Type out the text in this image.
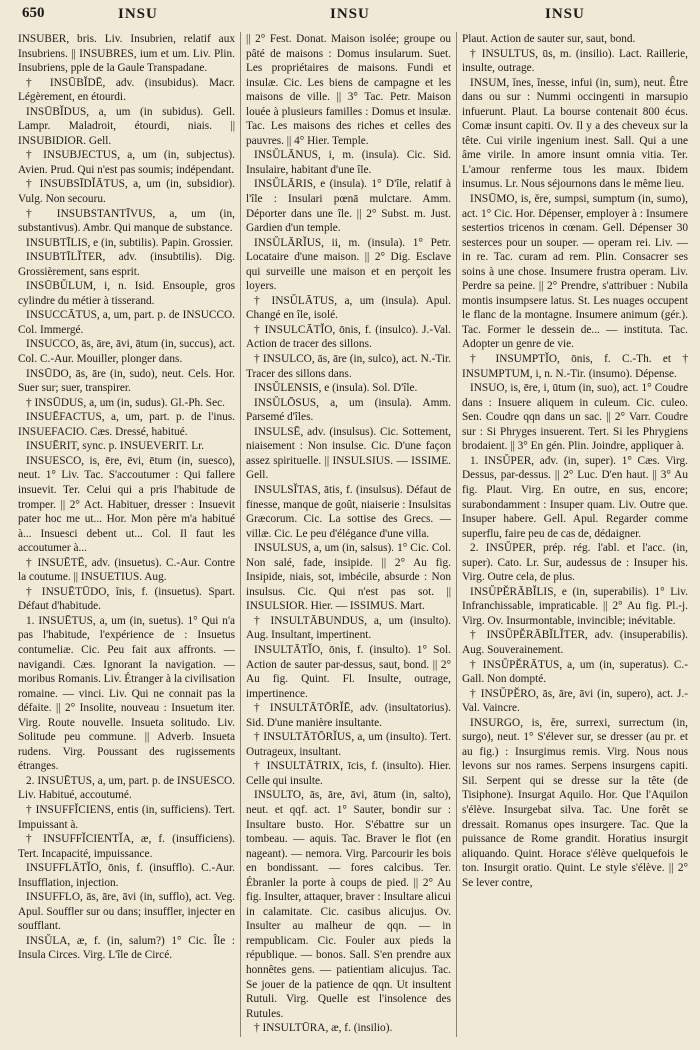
650	INSU	INSU	INSU

INSUBER, bris. Liv. Insubrien, relatif aux Insubriens. || INSUBRES, ium et um. Liv. Plin. Insubriens, pple de la Gaule Transpadane.

† INSŪBĬDĒ, adv. (insubidus). Macr. Légèrement, en étourdi.

INSŪBĬDUS, a, um (in subidus). Gell. Lampr. Maladroit, étourdi, niais. || INSUBIDIOR. Gell.

† INSUBJECTUS, a, um (in, subjectus). Avien. Prud. Qui n'est pas soumis; indépendant.

† INSUBSĪDĬĀTUS, a, um (in, subsidior). Vulg. Non secouru.

† INSUBSTANTĪVUS, a, um (in, substantivus). Ambr. Qui manque de substance.

INSUBTĪLIS, e (in, subtilis). Papin. Grossier.

INSUBTĪLĬTER, adv. (insubtilis). Dig. Grossièrement, sans esprit.

INSŪBŬLUM, i, n. Isid. Ensouple, gros cylindre du métier à tisserand.

INSUCCĀTUS, a, um, part. p. de INSUCCO. Col. Immergé.

INSUCCO, ās, āre, āvi, ātum (in, succus), act. Col. C.-Aur. Mouiller, plonger dans.

INSŪDO, ās, āre (in, sudo), neut. Cels. Hor. Suer sur; suer, transpirer.

† INSŪDUS, a, um (in, sudus). Gl.-Ph. Sec.

INSUĒFACTUS, a, um, part. p. de l'inus. INSUEFACIO. Cæs. Dressé, habitué.

INSUĒRIT, sync. p. INSUEVERIT. Lr.

INSUESCO, is, ēre, ēvi, ētum (in, suesco), neut. 1° Liv. Tac. S'accoutumer : Qui fallere insuevit. Ter. Celui qui a pris l'habitude de tromper. || 2° Act. Habituer, dresser : Insuevit pater hoc me ut... Hor. Mon père m'a habitué à... Insuesci debent ut... Col. Il faut les accoutumer à...

† INSUĒTĒ, adv. (insuetus). C.-Aur. Contre la coutume. || INSUETIUS. Aug.

† INSUĒTŪDO, ĭnis, f. (insuetus). Spart. Défaut d'habitude.

1. INSUĒTUS, a, um (in, suetus). 1° Qui n'a pas l'habitude, l'expérience de : Insuetus contumeliæ. Cic. Peu fait aux affronts. — navigandi. Cæs. Ignorant la navigation. — moribus Romanis. Liv. Étranger à la civilisation romaine. — vinci. Liv. Qui ne connait pas la défaite. || 2° Insolite, nouveau : Insuetum iter. Virg. Route nouvelle. Insueta solitudo. Liv. Solitude peu commune. || Adverb. Insueta rudens. Virg. Poussant des rugissements étranges.

2. INSUĒTUS, a, um, part. p. de INSUESCO. Liv. Habitué, accoutumé.

† INSUFFĬCIENS, entis (in, sufficiens). Tert. Impuissant à.

† INSUFFĬCIENTĬA, æ, f. (insufficiens). Tert. Incapacité, impuissance.

INSUFFLĀTĬO, ōnis, f. (insufflo). C.-Aur. Insufflation, injection.

INSUFFLO, ās, āre, āvi (in, sufflo), act. Veg. Apul. Souffler sur ou dans; insuffler, injecter en soufflant.

INSŬLA, æ, f. (in, salum?) 1° Cic. Île : Insula Circes. Virg. L'île de Circé.

|| 2° Fest. Donat. Maison isolée; groupe ou pâté de maisons : Domus insularum. Suet. Les propriétaires de maisons. Fundi et insulæ. Cic. Les biens de campagne et les maisons de ville. || 3° Tac. Petr. Maison louée à plusieurs familles : Domus et insulæ. Tac. Les maisons des riches et celles des pauvres. || 4° Hier. Temple.

INSŬLĀNUS, i, m. (insula). Cic. Sid. Insulaire, habitant d'une île.

INSŬLĀRIS, e (insula). 1° D'île, relatif à l'île : Insulari pœnā mulctare. Amm. Déporter dans une île. || 2° Subst. m. Just. Gardien d'un temple.

INSŬLĀRĬUS, ii, m. (insula). 1° Petr. Locataire d'une maison. || 2° Dig. Esclave qui surveille une maison et en perçoit les loyers.

† INSŬLĀTUS, a, um (insula). Apul. Changé en île, isolé.

† INSULCĀTĬO, ōnis, f. (insulco). J.-Val. Action de tracer des sillons.

† INSULCO, ās, āre (in, sulco), act. N.-Tir. Tracer des sillons dans.

INSŬLENSIS, e (insula). Sol. D'île.

INSŬLŌSUS, a, um (insula). Amm. Parsemé d'îles.

INSULSĒ, adv. (insulsus). Cic. Sottement, niaisement : Non insulse. Cic. D'une façon assez spirituelle. || INSULSIUS. — ISSIME. Gell.

INSULSĬTAS, ātis, f. (insulsus). Défaut de finesse, manque de goût, niaiserie : Insulsitas Græcorum. Cic. La sottise des Grecs. — villæ. Cic. Le peu d'élégance d'une villa.

INSULSUS, a, um (in, salsus). 1° Cic. Col. Non salé, fade, insipide. || 2° Au fig. Insipide, niais, sot, imbécile, absurde : Non insulsus. Cic. Qui n'est pas sot. || INSULSIOR. Hier. — ISSIMUS. Mart.

† INSULTĀBUNDUS, a, um (insulto). Aug. Insultant, impertinent.

INSULTĀTĬO, ōnis, f. (insulto). 1° Sol. Action de sauter par-dessus, saut, bond. || 2° Au fig. Quint. Fl. Insulte, outrage, impertinence.

† INSULTĀTŌRĬĒ, adv. (insultatorius). Sid. D'une manière insultante.

† INSULTĀTŌRĬUS, a, um (insulto). Tert. Outrageux, insultant.

† INSULTĀTRIX, īcis, f. (insulto). Hier. Celle qui insulte.

INSULTO, ās, āre, āvi, ātum (in, salto), neut. et qqf. act. 1° Sauter, bondir sur : Insultare busto. Hor. S'ébattre sur un tombeau. — aquis. Tac. Braver le flot (en nageant). — nemora. Virg. Parcourir les bois en bondissant. — fores calcibus. Ter. Ébranler la porte à coups de pied. || 2° Au fig. Insulter, attaquer, braver : Insultare alicui in calamitate. Cic. casibus alicujus. Ov. Insulter au malheur de qqn. — in rempublicam. Cic. Fouler aux pieds la république. — bonos. Sall. S'en prendre aux honnêtes gens. — patientiam alicujus. Tac. Se jouer de la patience de qqn. Ut insultent Rutuli. Virg. Quelle est l'insolence des Rutules.

† INSULTŪRA, æ, f. (insilio).

Plaut. Action de sauter sur, saut, bond.

† INSULTUS, ūs, m. (insilio). Lact. Raillerie, insulte, outrage.

INSUM, ĭnes, ĭnesse, infui (in, sum), neut. Être dans ou sur : Nummi occingenti in marsupio infuerunt. Plaut. La bourse contenait 800 écus. Comæ insunt capiti. Ov. Il y a des cheveux sur la tête. Cui virile ingenium inest. Sall. Qui a une âme virile. In amore insunt omnia vitia. Ter. L'amour renferme tous les maux. Ibidem insumus. Lr. Nous séjournons dans le même lieu.

INSŪMO, is, ĕre, sumpsi, sumptum (in, sumo), act. 1° Cic. Hor. Dépenser, employer à : Insumere sestertios tricenos in cœnam. Gell. Dépenser 30 sesterces pour un souper. — operam rei. Liv. — in re. Tac. curam ad rem. Plin. Consacrer ses soins à une chose. Insumere frustra operam. Liv. Perdre sa peine. || 2° Prendre, s'attribuer : Nubila montis insumpsere latus. St. Les nuages occupent le flanc de la montagne. Insumere animum (gér.). Tac. Former le dessein de... — instituta. Tac. Adopter un genre de vie.

† INSUMPTĬO, ōnis, f. C.-Th. et † INSUMPTUM, i, n. N.-Tir. (insumo). Dépense.

INSUO, is, ēre, i, ūtum (in, suo), act. 1° Coudre dans : Insuere aliquem in culeum. Cic. culeo. Sen. Coudre qqn dans un sac. || 2° Varr. Coudre sur : Si Phryges insuerent. Tert. Si les Phrygiens brodaient. || 3° En gén. Plin. Joindre, appliquer à.

1. INSŬPER, adv. (in, super). 1° Cæs. Virg. Dessus, par-dessus. || 2° Luc. D'en haut. || 3° Au fig. Plaut. Virg. En outre, en sus, encore; surabondamment : Insuper quam. Liv. Outre que. Insuper habere. Gell. Apul. Regarder comme superflu, faire peu de cas de, dédaigner.

2. INSŬPER, prép. rég. l'abl. et l'acc. (in, super). Cato. Lr. Sur, audessus de : Insuper his. Virg. Outre cela, de plus.

INSŬPĔRĀBĬLIS, e (in, superabilis). 1° Liv. Infranchissable, impraticable. || 2° Au fig. Pl.-j. Virg. Ov. Insurmontable, invincible; inévitable.

† INSŬPĔRĀBĬLĬTER, adv. (insuperabilis). Aug. Souverainement.

† INSŬPĔRĀTUS, a, um (in, superatus). C.-Gall. Non dompté.

† INSŬPĔRO, ās, āre, āvi (in, supero), act. J.-Val. Vaincre.

INSURGO, is, ĕre, surrexi, surrectum (in, surgo), neut. 1° S'élever sur, se dresser (au pr. et au fig.) : Insurgimus remis. Virg. Nous nous levons sur nos rames. Serpens insurgens capiti. Sil. Serpent qui se dresse sur la tête (de Tisiphone). Insurgat Aquilo. Hor. Que l'Aquilon s'élève. Insurgebat silva. Tac. Une forêt se dressait. Romanus opes insurgere. Tac. Que la puissance de Rome grandit. Horatius insurgit aliquando. Quint. Horace s'élève quelquefois le ton. Insurgit oratio. Quint. Le style s'élève. || 2° Se lever contre,
